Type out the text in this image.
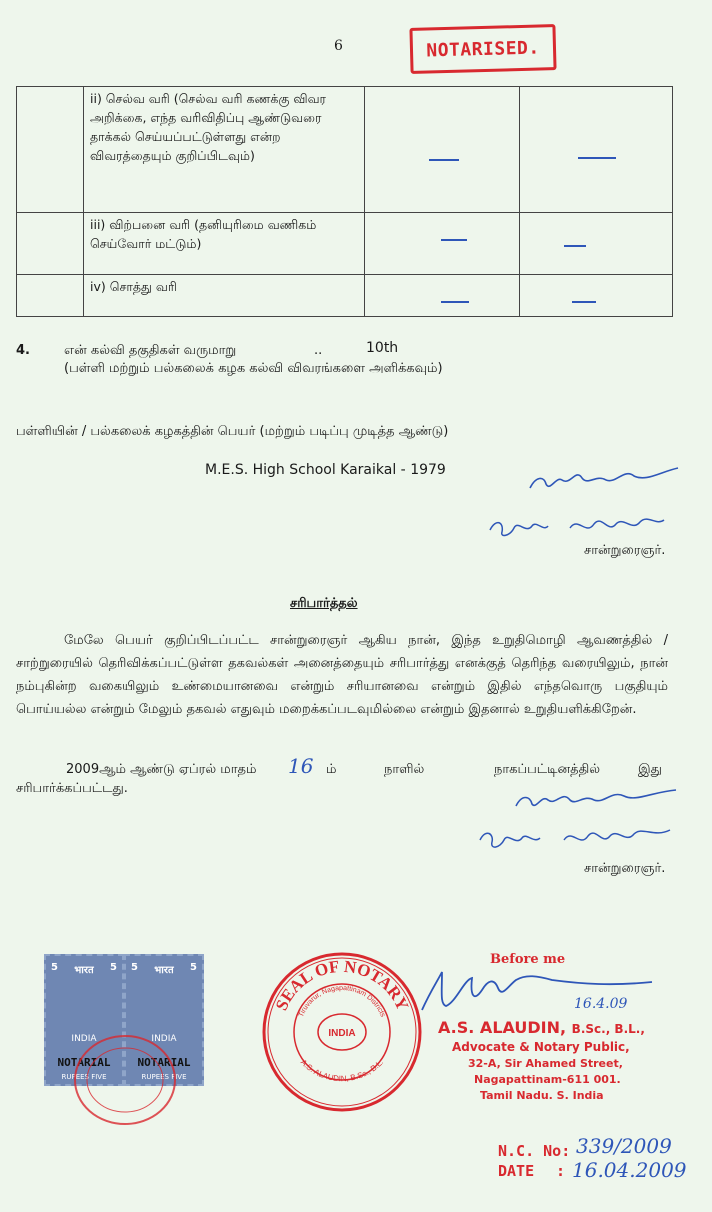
6	NOTARISED.
	ii) செல்வ வரி (செல்வ வரி கணக்கு விவர அறிக்கை, எந்த வரிவிதிப்பு ஆண்டுவரை தாக்கல் செய்யப்பட்டுள்ளது என்ற விவரத்தையும் குறிப்பிடவும்)	

	iii) விற்பனை வரி (தனியுரிமை வணிகம் செய்வோர் மட்டும்)	

	iv) சொத்து வரி	

4.	என் கல்வி தகுதிகள் வருமாறு	..	10th
(பள்ளி மற்றும் பல்கலைக் கழக கல்வி விவரங்களை அளிக்கவும்)
பள்ளியின் / பல்கலைக் கழகத்தின் பெயர் (மற்றும் படிப்பு முடித்த ஆண்டு)
M.E.S. High School Karaikal - 1979
சான்றுரைஞர்.
சரிபார்த்தல்
மேலே பெயர் குறிப்பிடப்பட்ட சான்றுரைஞர் ஆகிய நான், இந்த உறுதிமொழி ஆவணத்தில் / சாற்றுரையில் தெரிவிக்கப்பட்டுள்ள தகவல்கள் அனைத்தையும் சரிபார்த்து எனக்குத் தெரிந்த வரையிலும், நான் நம்புகின்ற வகையிலும் உண்மையானவை என்றும் சரியானவை என்றும் இதில் எந்தவொரு பகுதியும் பொய்யல்ல என்றும் மேலும் தகவல் எதுவும் மறைக்கப்படவுமில்லை என்றும் இதனால் உறுதியளிக்கிறேன்.
2009ஆம் ஆண்டு ஏப்ரல் மாதம் 16 ம்	நாளில்	நாகப்பட்டினத்தில்	இது
சரிபார்க்கப்பட்டது.
சான்றுரைஞர்.
5 भारत 5
INDIA
NOTARIAL
RUPEES FIVE
5 भारत 5
INDIA
NOTARIAL
RUPEES FIVE
SEAL OF NOTARY
Tiruvarur, Nagapattinam Districts
A.S. ALAUDIN, B.Sc., B.L.
INDIA
Before me
16.4.09
A.S. ALAUDIN, B.Sc., B.L.,
Advocate & Notary Public,
32-A, Sir Ahamed Street,
Nagapattinam-611 001.
Tamil Nadu. S. India
N.C. No: 339/2009
DATE : 16.04.2009
